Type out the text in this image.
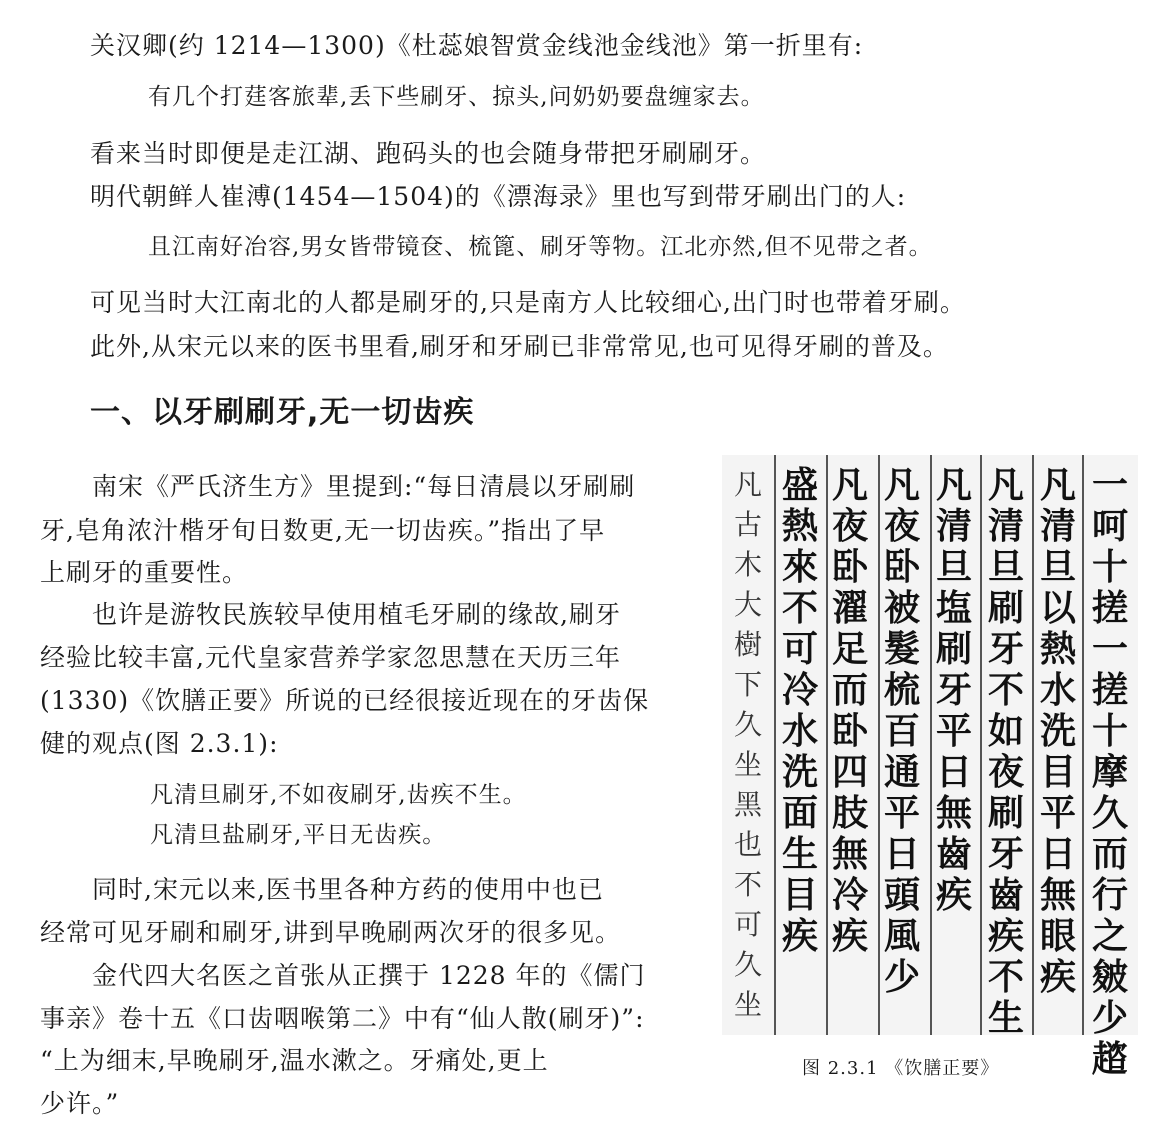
关汉卿(约 1214—1300)《杜蕊娘智赏金线池金线池》第一折里有:
有几个打莛客旅辈,丢下些刷牙、掠头,问奶奶要盘缠家去。
看来当时即便是走江湖、跑码头的也会随身带把牙刷刷牙。
明代朝鲜人崔溥(1454—1504)的《漂海录》里也写到带牙刷出门的人:
且江南好冶容,男女皆带镜奁、梳篦、刷牙等物。江北亦然,但不见带之者。
可见当时大江南北的人都是刷牙的,只是南方人比较细心,出门时也带着牙刷。
此外,从宋元以来的医书里看,刷牙和牙刷已非常常见,也可见得牙刷的普及。
一、以牙刷刷牙,无一切齿疾
南宋《严氏济生方》里提到:“每日清晨以牙刷刷
牙,皂角浓汁楷牙旬日数更,无一切齿疾。”指出了早
上刷牙的重要性。
也许是游牧民族较早使用植毛牙刷的缘故,刷牙
经验比较丰富,元代皇家营养学家忽思慧在天历三年
(1330)《饮膳正要》所说的已经很接近现在的牙齿保
健的观点(图 2.3.1):
凡清旦刷牙,不如夜刷牙,齿疾不生。
凡清旦盐刷牙,平日无齿疾。
同时,宋元以来,医书里各种方药的使用中也已
经常可见牙刷和刷牙,讲到早晚刷两次牙的很多见。
金代四大名医之首张从正撰于 1228 年的《儒门
事亲》卷十五《口齿咽喉第二》中有“仙人散(刷牙)”:
“上为细末,早晚刷牙,温水漱之。牙痛处,更上
少许。”
一
呵
十
搓
一
搓
十
摩
久
而
行
之
皴
少
趦
凡
清
旦
以
熱
水
洗
目
平
日
無
眼
疾
凡
清
旦
刷
牙
不
如
夜
刷
牙
齒
疾
不
生
凡
清
旦
塩
刷
牙
平
日
無
齒
疾
凡
夜
卧
被
髮
梳
百
通
平
日
頭
風
少
凡
夜
卧
濯
足
而
卧
四
肢
無
冷
疾
盛
熱
來
不
可
冷
水
洗
面
生
目
疾
凡
古
木
大
樹
下
久
坐
黑
也
不
可
久
坐
图 2.3.1 《饮膳正要》
